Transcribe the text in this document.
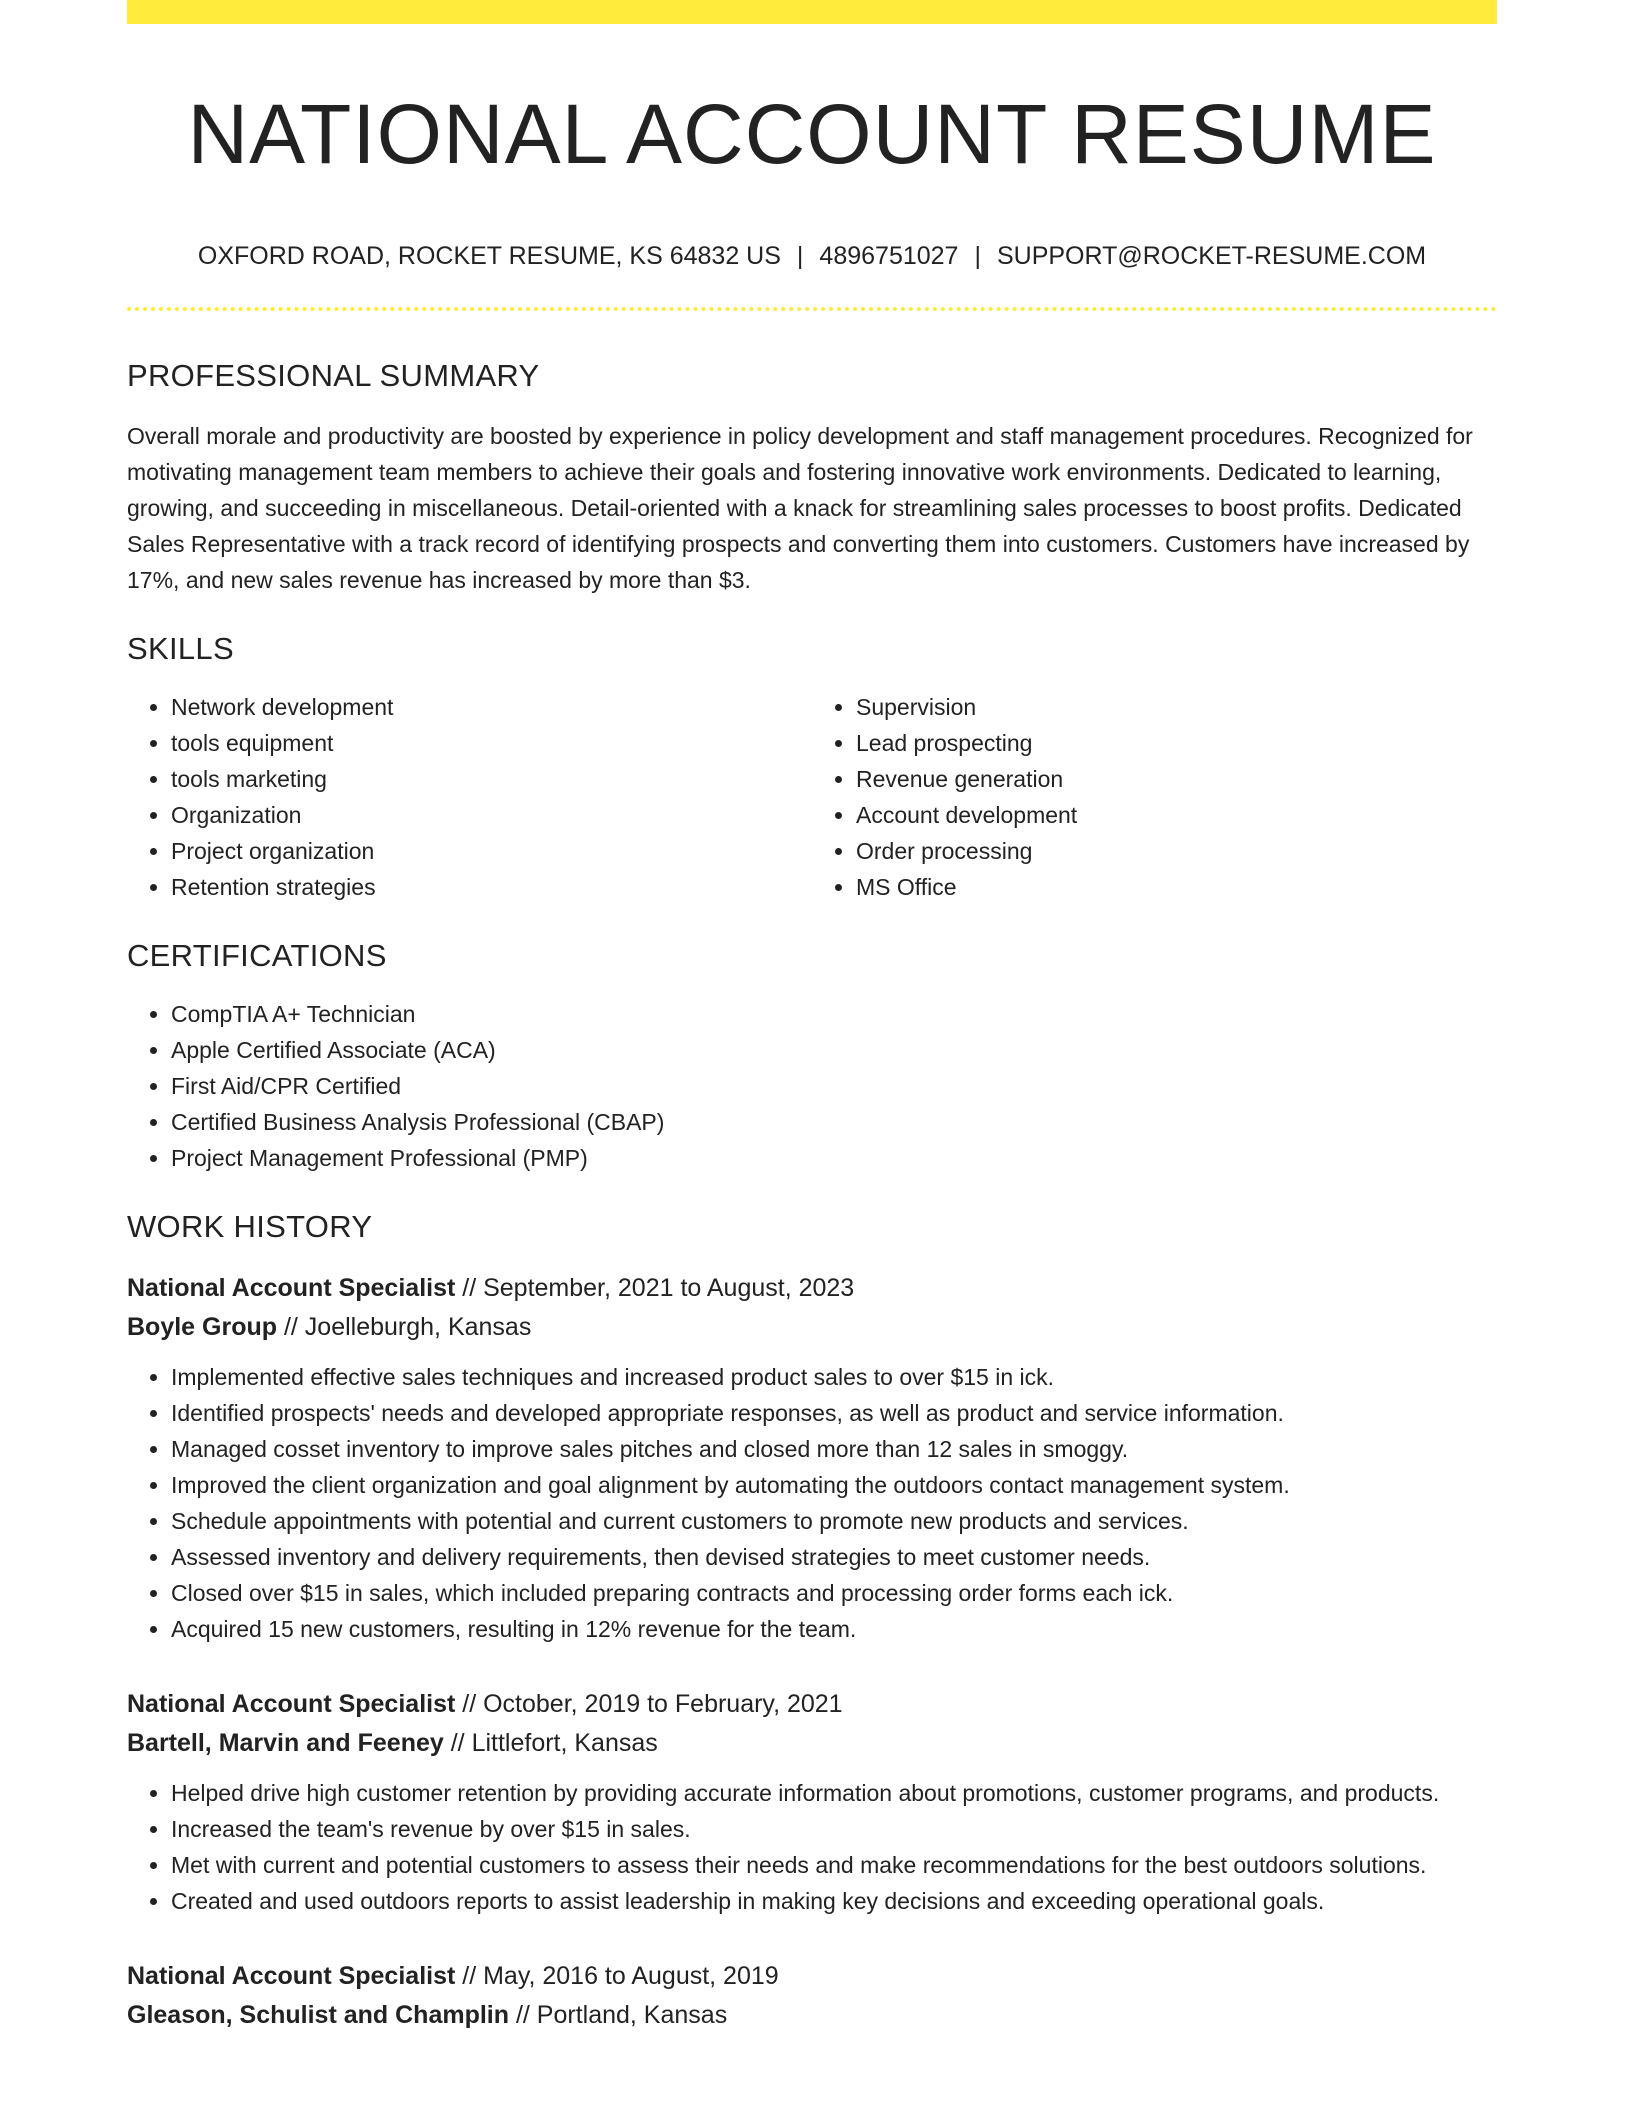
NATIONAL ACCOUNT RESUME
OXFORD ROAD, ROCKET RESUME, KS 64832 US | 4896751027 | SUPPORT@ROCKET-RESUME.COM
PROFESSIONAL SUMMARY

Overall morale and productivity are boosted by experience in policy development and staff management procedures. Recognized for motivating management team members to achieve their goals and fostering innovative work environments. Dedicated to learning, growing, and succeeding in miscellaneous. Detail-oriented with a knack for streamlining sales processes to boost profits. Dedicated Sales Representative with a track record of identifying prospects and converting them into customers. Customers have increased by 17%, and new sales revenue has increased by more than $3.

SKILLS
• Network development
• tools equipment
• tools marketing
• Organization
• Project organization
• Retention strategies
• Supervision
• Lead prospecting
• Revenue generation
• Account development
• Order processing
• MS Office
CERTIFICATIONS
• CompTIA A+ Technician
• Apple Certified Associate (ACA)
• First Aid/CPR Certified
• Certified Business Analysis Professional (CBAP)
• Project Management Professional (PMP)
WORK HISTORY
National Account Specialist // September, 2021 to August, 2023
Boyle Group // Joelleburgh, Kansas
• Implemented effective sales techniques and increased product sales to over $15 in ick.
• Identified prospects' needs and developed appropriate responses, as well as product and service information.
• Managed cosset inventory to improve sales pitches and closed more than 12 sales in smoggy.
• Improved the client organization and goal alignment by automating the outdoors contact management system.
• Schedule appointments with potential and current customers to promote new products and services.
• Assessed inventory and delivery requirements, then devised strategies to meet customer needs.
• Closed over $15 in sales, which included preparing contracts and processing order forms each ick.
• Acquired 15 new customers, resulting in 12% revenue for the team.
National Account Specialist // October, 2019 to February, 2021
Bartell, Marvin and Feeney // Littlefort, Kansas
• Helped drive high customer retention by providing accurate information about promotions, customer programs, and products.
• Increased the team's revenue by over $15 in sales.
• Met with current and potential customers to assess their needs and make recommendations for the best outdoors solutions.
• Created and used outdoors reports to assist leadership in making key decisions and exceeding operational goals.
National Account Specialist // May, 2016 to August, 2019
Gleason, Schulist and Champlin // Portland, Kansas
